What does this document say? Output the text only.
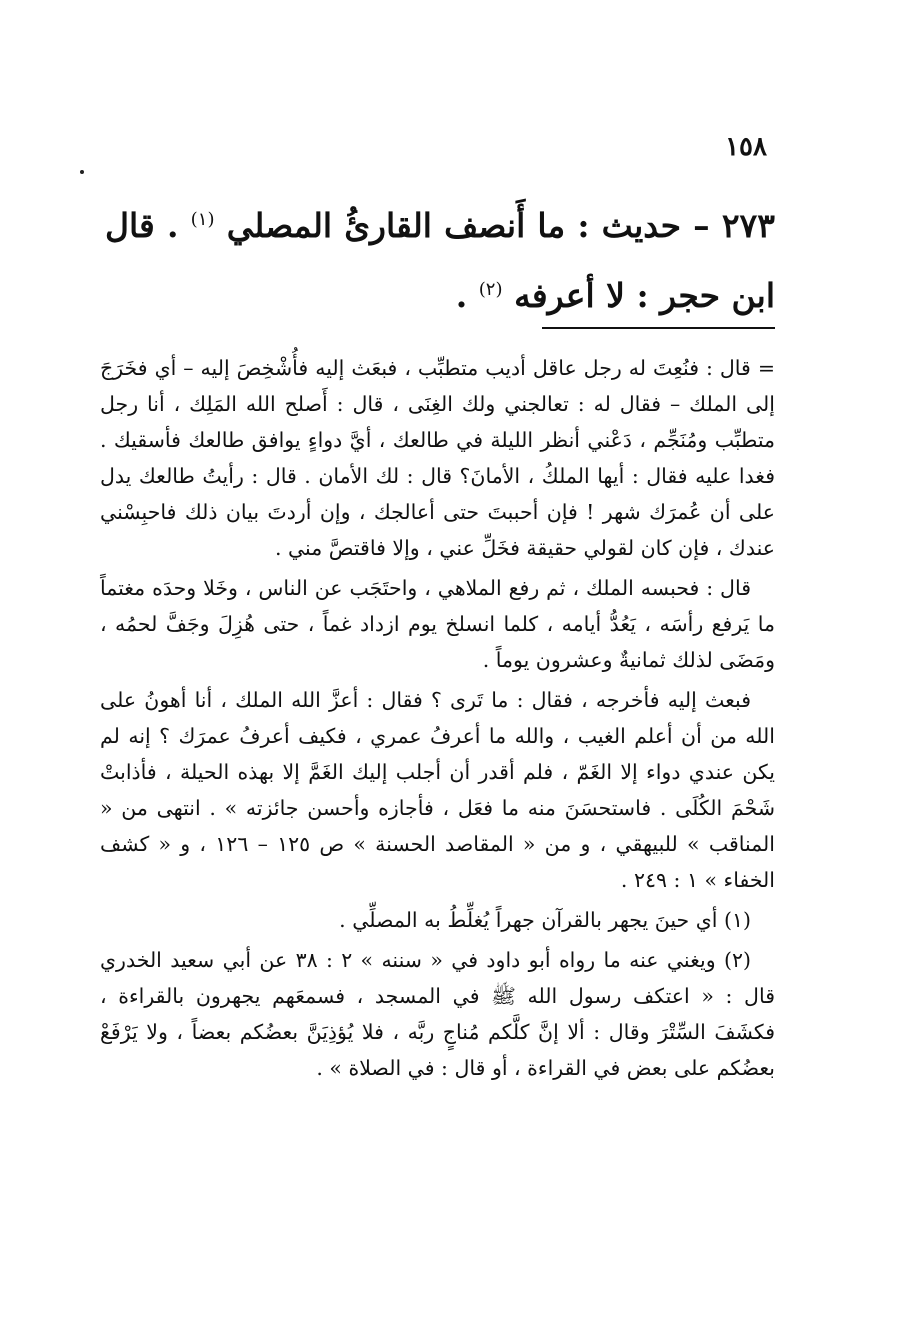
١٥٨
٢٧٣ – حديث : ما أَنصف القارئُ المصلي $^{(١)}$ . قال ابن حجر : لا أعرفه $^{(٢)}$ .

= قال : فنُعِتَ له رجل عاقل أديب متطبِّب ، فبعَث إليه فأُشْخِصَ إليه – أي فخَرَجَ إلى الملك – فقال له : تعالجني ولك الغِنَى ، قال : أَصلح الله المَلِك ، أنا رجل متطبِّب ومُنَجِّم ، دَعْني أنظر الليلة في طالعك ، أيَّ دواءٍ يوافق طالعك فأسقيك . فغدا عليه فقال : أيها الملكُ ، الأمانَ؟ قال : لك الأمان . قال : رأيتُ طالعك يدل على أن عُمرَك شهر ! فإن أحببتَ حتى أعالجك ، وإن أردتَ بيان ذلك فاحبِسْني عندك ، فإن كان لقولي حقيقة فخَلِّ عني ، وإلا فاقتصَّ مني .

قال : فحبسه الملك ، ثم رفع الملاهي ، واحتَجَب عن الناس ، وخَلا وحدَه مغتماً ما يَرفع رأسَه ، يَعُدُّ أيامه ، كلما انسلخ يوم ازداد غماً ، حتى هُزِلَ وجَفَّ لحمُه ، ومَضَى لذلك ثمانيةٌ وعشرون يوماً .

فبعث إليه فأخرجه ، فقال : ما تَرى ؟ فقال : أعزَّ الله الملك ، أنا أهونُ على الله من أن أعلم الغيب ، والله ما أعرفُ عمري ، فكيف أعرفُ عمرَك ؟ إنه لم يكن عندي دواء إلا الغَمّ ، فلم أقدر أن أجلب إليك الغَمَّ إلا بهذه الحيلة ، فأذابتْ شَحْمَ الكُلَى . فاستحسَنَ منه ما فعَل ، فأجازه وأحسن جائزته » . انتهى من « المناقب » للبيهقي ، و من « المقاصد الحسنة » ص ١٢٥ – ١٢٦ ، و « كشف الخفاء » ١ : ٢٤٩ .

(١) أي حينَ يجهر بالقرآن جهراً يُغلِّطُ به المصلِّي .

(٢) ويغني عنه ما رواه أبو داود في « سننه » ٢ : ٣٨ عن أبي سعيد الخدري قال : « اعتكف رسول الله ﷺ في المسجد ، فسمعَهم يجهرون بالقراءة ، فكشَفَ السِّتْرَ وقال : ألا إنَّ كلَّكم مُناجٍ ربَّه ، فلا يُؤذِيَنَّ بعضُكم بعضاً ، ولا يَرْفَعْ بعضُكم على بعض في القراءة ، أو قال : في الصلاة » .
